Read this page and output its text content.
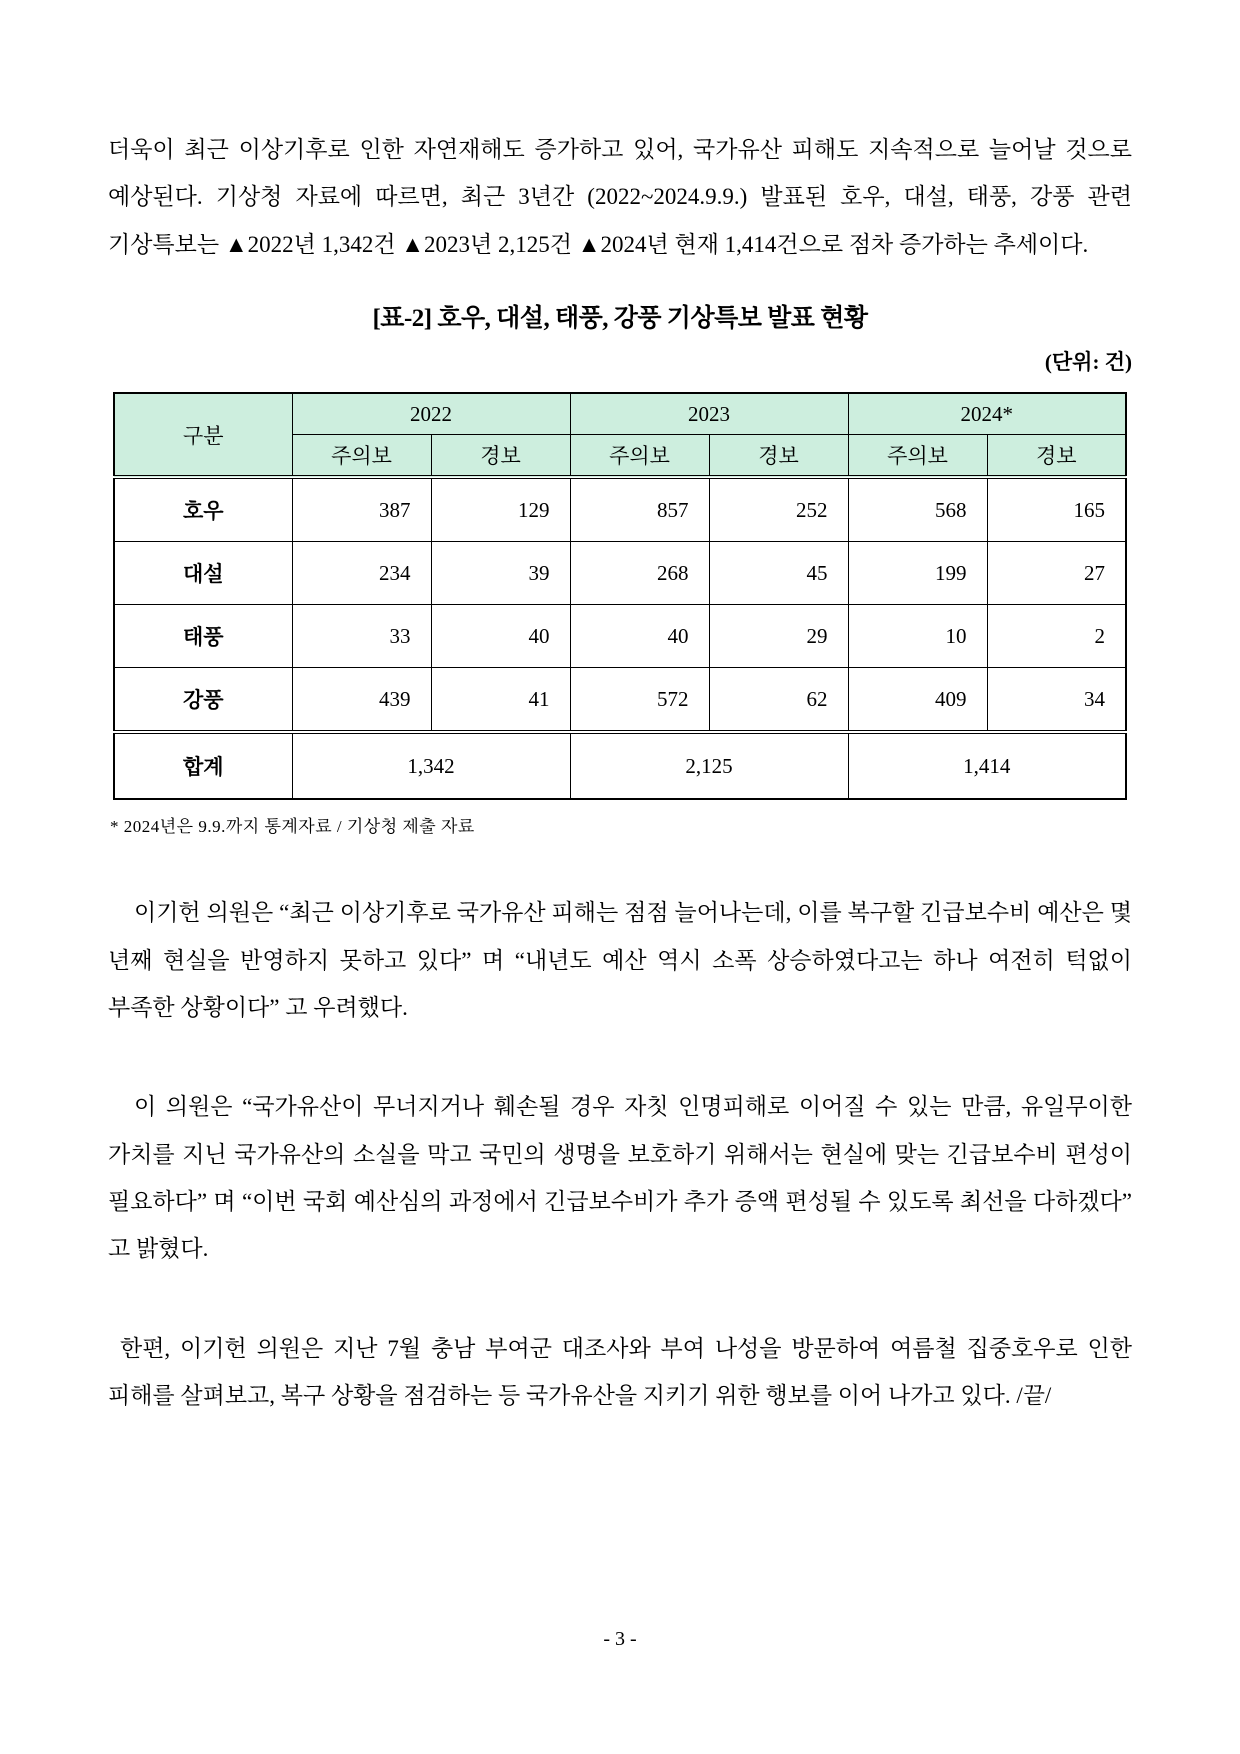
더욱이 최근 이상기후로 인한 자연재해도 증가하고 있어, 국가유산 피해도 지속적으로 늘어날 것으로 예상된다. 기상청 자료에 따르면, 최근 3년간 (2022~2024.9.9.) 발표된 호우, 대설, 태풍, 강풍 관련 기상특보는 ▲2022년 1,342건 ▲2023년 2,125건 ▲2024년 현재 1,414건으로 점차 증가하는 추세이다.

[표-2] 호우, 대설, 태풍, 강풍 기상특보 발표 현황

(단위: 건)

구분	2022		2023		2024*	
	주의보	경보	주의보	경보	주의보	경보
호우	387	129	857	252	568	165
대설	234	39	268	45	199	27
태풍	33	40	40	29	10	2
강풍	439	41	572	62	409	34
합계	1,342		2,125		1,414	

* 2024년은 9.9.까지 통계자료 / 기상청 제출 자료

이기헌 의원은 “최근 이상기후로 국가유산 피해는 점점 늘어나는데, 이를 복구할 긴급보수비 예산은 몇 년째 현실을 반영하지 못하고 있다” 며 “내년도 예산 역시 소폭 상승하였다고는 하나 여전히 턱없이 부족한 상황이다” 고 우려했다.

이 의원은 “국가유산이 무너지거나 훼손될 경우 자칫 인명피해로 이어질 수 있는 만큼, 유일무이한 가치를 지닌 국가유산의 소실을 막고 국민의 생명을 보호하기 위해서는 현실에 맞는 긴급보수비 편성이 필요하다” 며 “이번 국회 예산심의 과정에서 긴급보수비가 추가 증액 편성될 수 있도록 최선을 다하겠다” 고 밝혔다.

한편, 이기헌 의원은 지난 7월 충남 부여군 대조사와 부여 나성을 방문하여 여름철 집중호우로 인한 피해를 살펴보고, 복구 상황을 점검하는 등 국가유산을 지키기 위한 행보를 이어 나가고 있다. /끝/

- 3 -
